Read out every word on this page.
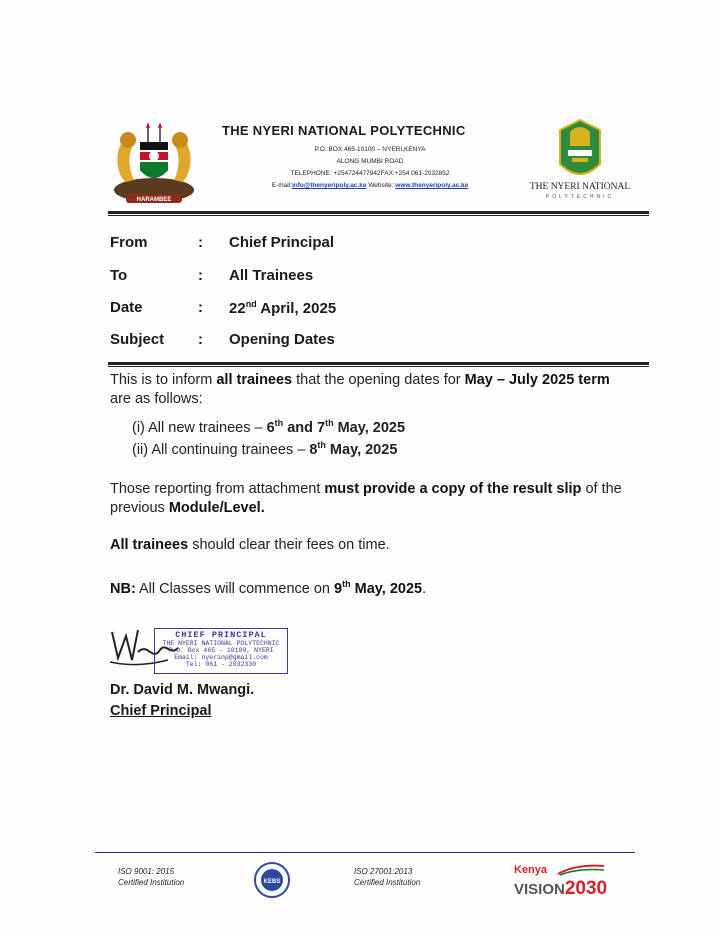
HARAMBEE
THE NYERI NATIONAL POLYTECHNIC
P.O. BOX 465-10100 – NYERI,KENYA
ALONG MUMBI ROAD
TELEPHONE: +254724477942FAX:+254 061-2032852
E-mail:info@thenyeripoly.ac.ke Website: www.thenyeripoly.ac.ke	THE NYERI NATIONAL
POLYTECHNIC
From	: Chief Principal
To	: All Trainees
Date	: 22nd April, 2025
Subject : Opening Dates
This is to inform all trainees that the opening dates for May – July 2025 term
are as follows:
(i) All new trainees – 6th and 7th May, 2025
(ii) All continuing trainees – 8th May, 2025
Those reporting from attachment must provide a copy of the result slip of the
previous Module/Level.
All trainees should clear their fees on time.
NB: All Classes will commence on 9th May, 2025.
CHIEF PRINCIPAL
THE NYERI NATIONAL POLYTECHNIC
P.O. Box 465 - 10100, NYERI
Email: nyerinp@gmail.com
Tel: 061 - 2032330
Dr. David M. Mwangi.
Chief Principal
ISO 9001: 2015
Certified Institution	KEBS
ISO 27001:2013
Certified Institution
Kenya
VISION2030
